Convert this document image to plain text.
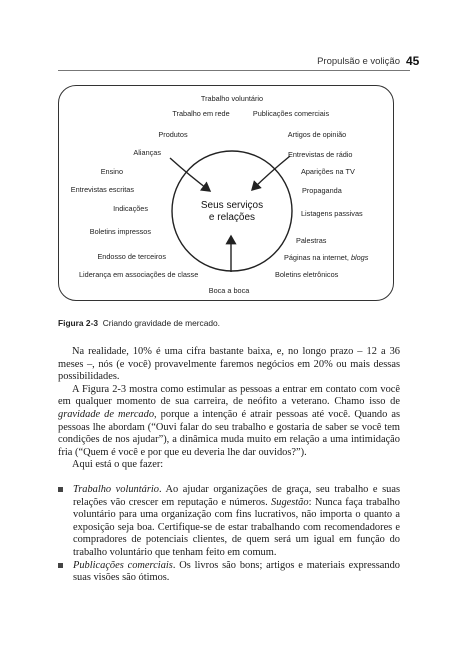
Propulsão e volição 45
Seus serviços
e relações
Trabalho voluntário
Trabalho em rede	Publicações comerciais
Produtos	Artigos de opinião
Alianças	Entrevistas de rádio
Ensino	Aparições na TV
Entrevistas escritas	Propaganda
Indicações
Listagens passivas
Boletins impressos
Palestras
Endosso de terceiros	Páginas na internet, blogs
Liderança em associações de classe	Boletins eletrônicos
Boca a boca
Figura 2-3 Criando gravidade de mercado.

Na realidade, 10% é uma cifra bastante baixa, e, no longo prazo – 12 a 36 meses –, nós (e você) provavelmente faremos negócios em 20% ou mais dessas possibilidades.

A Figura 2-3 mostra como estimular as pessoas a entrar em contato com você em qualquer momento de sua carreira, de neófito a veterano. Chamo isso de gravidade de mercado, porque a intenção é atrair pessoas até você. Quando as pessoas lhe abordam (“Ouvi falar do seu trabalho e gostaria de saber se você tem condições de nos ajudar”), a dinâmica muda muito em relação a uma intimidação fria (“Quem é você e por que eu deveria lhe dar ouvidos?”).

Aqui está o que fazer:

Trabalho voluntário. Ao ajudar organizações de graça, seu trabalho e suas relações vão crescer em reputação e números. Sugestão: Nunca faça trabalho voluntário para uma organização com fins lucrativos, não importa o quanto a exposição seja boa. Certifique-se de estar trabalhando com recomendadores e compradores de potenciais clientes, de quem será um igual em função do trabalho voluntário que tenham feito em comum.

Publicações comerciais. Os livros são bons; artigos e materiais expressando suas visões são ótimos.
